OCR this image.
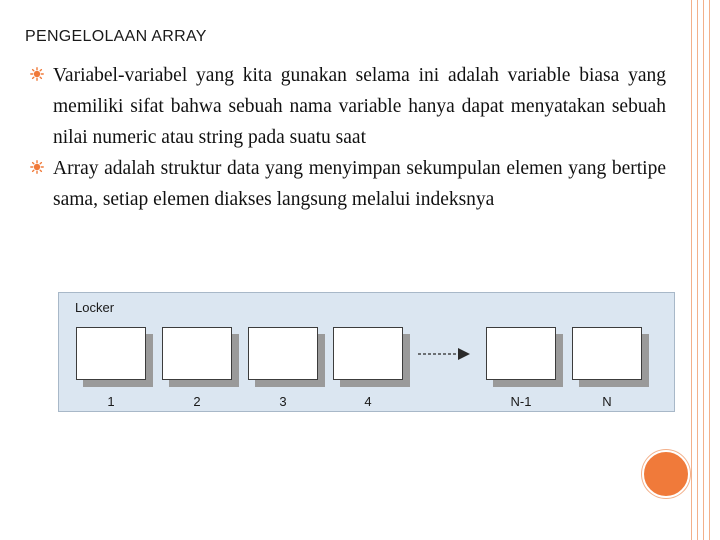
PENGELOLAAN ARRAY
Variabel-variabel yang kita gunakan selama ini adalah variable biasa yang memiliki sifat bahwa sebuah nama variable hanya dapat menyatakan sebuah nilai numeric atau string pada suatu saat
Array adalah struktur data yang menyimpan sekumpulan elemen yang bertipe sama, setiap elemen diakses langsung melalui indeksnya
Locker
1	2	3	4	N-1	N
